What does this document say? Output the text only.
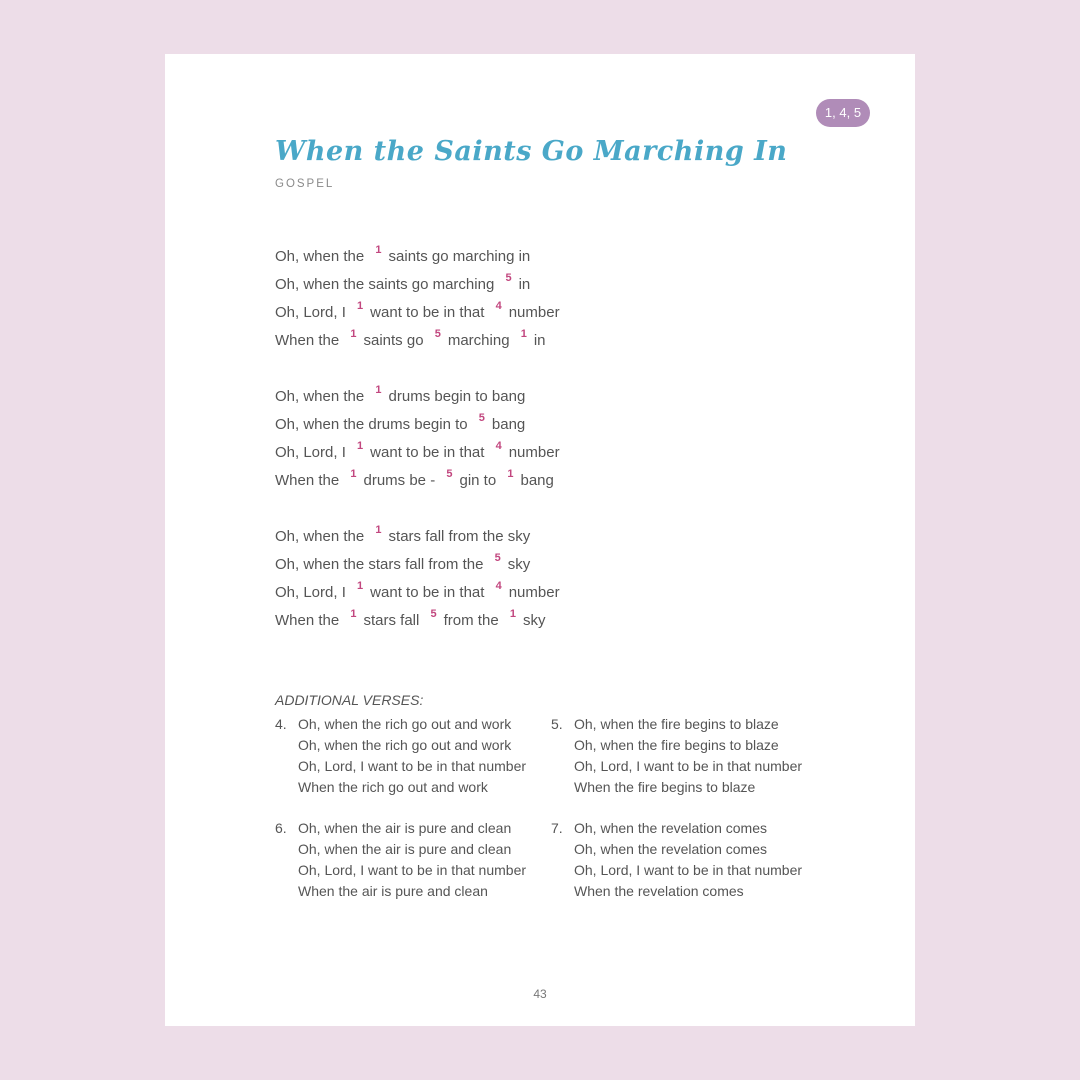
1, 4, 5
When the Saints Go Marching In
GOSPEL
Oh, when the 1 saints go marching in
Oh, when the saints go marching 5 in
Oh, Lord, I 1 want to be in that 4 number
When the 1 saints go 5 marching 1 in
Oh, when the 1 drums begin to bang
Oh, when the drums begin to 5 bang
Oh, Lord, I 1 want to be in that 4 number
When the 1 drums be - 5 gin to 1 bang
Oh, when the 1 stars fall from the sky
Oh, when the stars fall from the 5 sky
Oh, Lord, I 1 want to be in that 4 number
When the 1 stars fall 5 from the 1 sky
ADDITIONAL VERSES:
4. Oh, when the rich go out and work
Oh, when the rich go out and work
Oh, Lord, I want to be in that number
When the rich go out and work
5. Oh, when the fire begins to blaze
Oh, when the fire begins to blaze
Oh, Lord, I want to be in that number
When the fire begins to blaze
6. Oh, when the air is pure and clean
Oh, when the air is pure and clean
Oh, Lord, I want to be in that number
When the air is pure and clean
7. Oh, when the revelation comes
Oh, when the revelation comes
Oh, Lord, I want to be in that number
When the revelation comes
43
